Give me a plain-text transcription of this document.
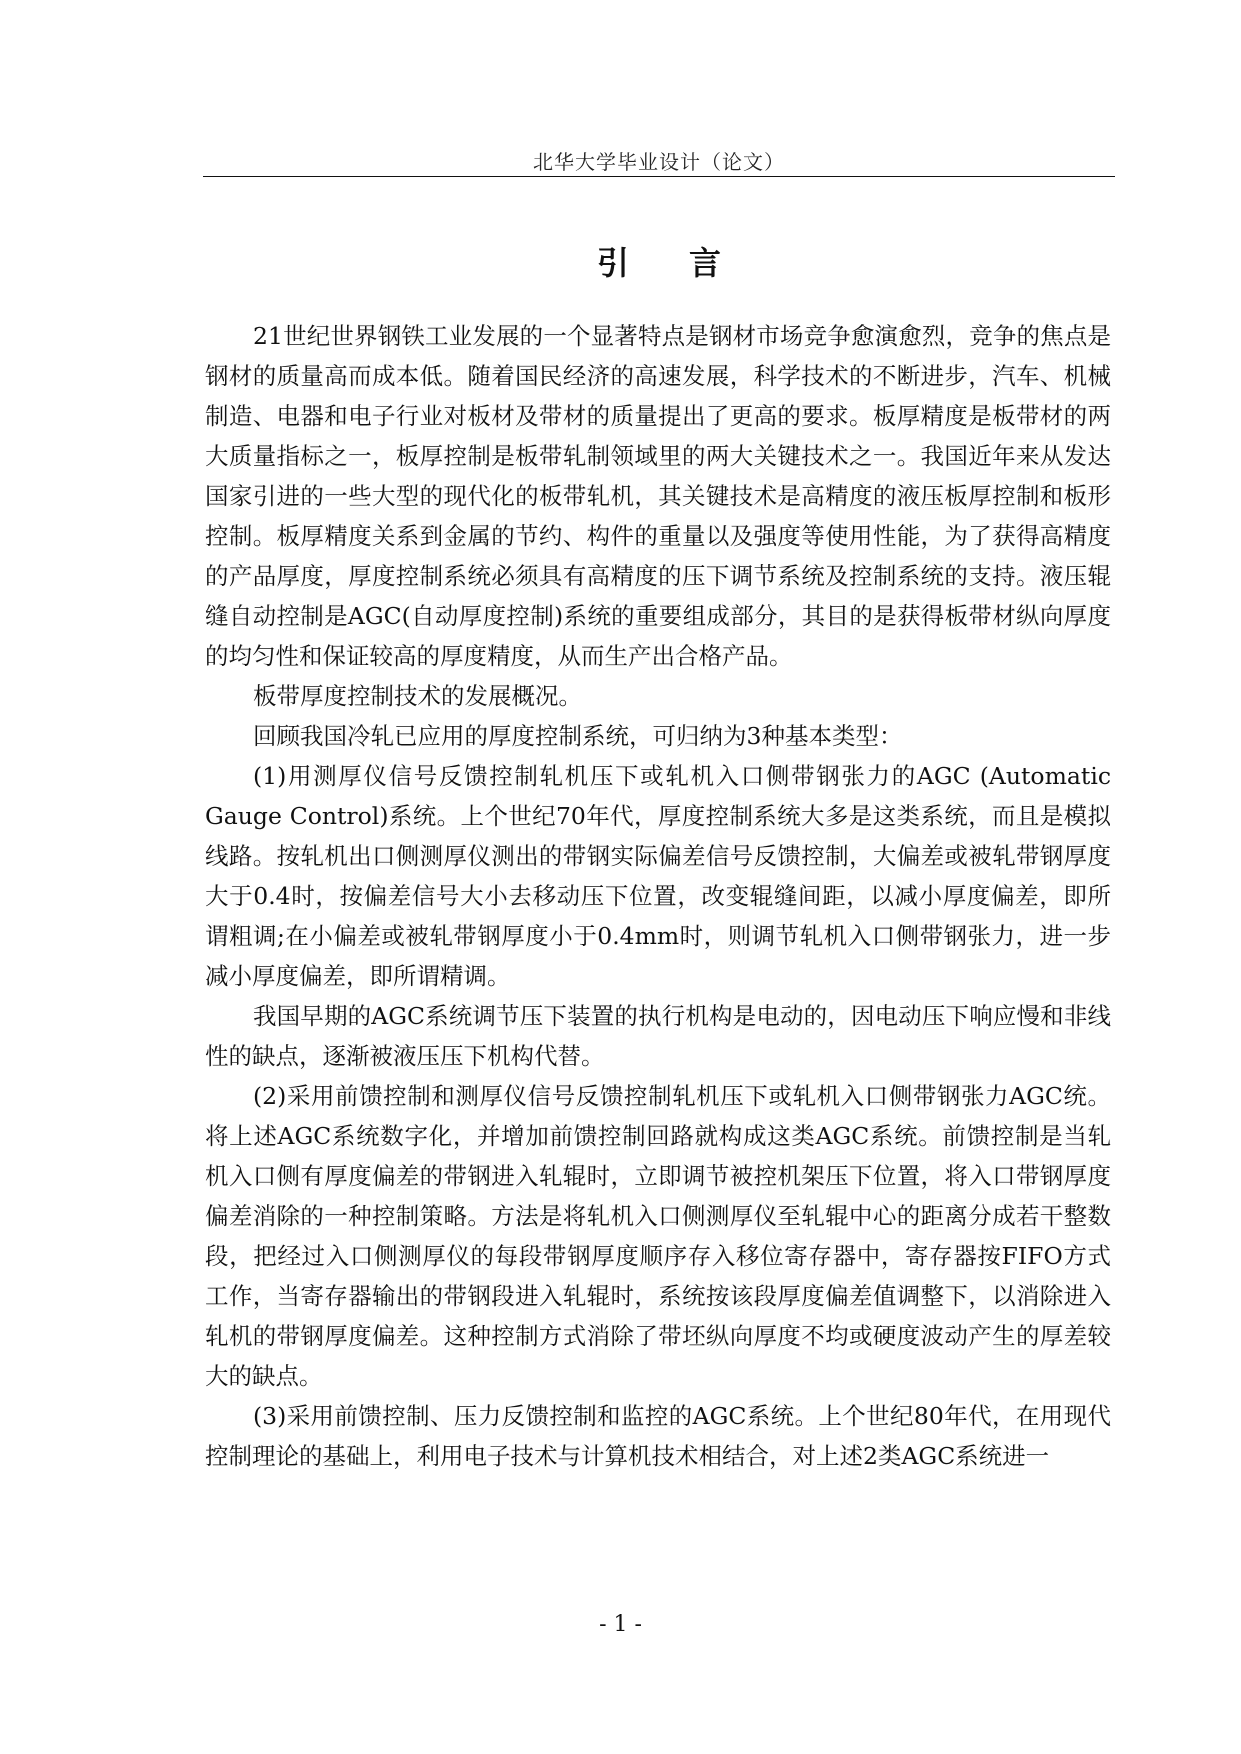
北华大学毕业设计（论文）
引言

21世纪世界钢铁工业发展的一个显著特点是钢材市场竞争愈演愈烈，竞争的焦点是钢材的质量高而成本低。随着国民经济的高速发展，科学技术的不断进步，汽车、机械制造、电器和电子行业对板材及带材的质量提出了更高的要求。板厚精度是板带材的两大质量指标之一，板厚控制是板带轧制领域里的两大关键技术之一。我国近年来从发达国家引进的一些大型的现代化的板带轧机，其关键技术是高精度的液压板厚控制和板形控制。板厚精度关系到金属的节约、构件的重量以及强度等使用性能，为了获得高精度的产品厚度，厚度控制系统必须具有高精度的压下调节系统及控制系统的支持。液压辊缝自动控制是AGC(自动厚度控制)系统的重要组成部分，其目的是获得板带材纵向厚度的均匀性和保证较高的厚度精度，从而生产出合格产品。

板带厚度控制技术的发展概况。

回顾我国冷轧已应用的厚度控制系统，可归纳为3种基本类型：

(1)用测厚仪信号反馈控制轧机压下或轧机入口侧带钢张力的AGC (Automatic Gauge Control)系统。上个世纪70年代，厚度控制系统大多是这类系统，而且是模拟线路。按轧机出口侧测厚仪测出的带钢实际偏差信号反馈控制，大偏差或被轧带钢厚度大于0.4时，按偏差信号大小去移动压下位置，改变辊缝间距，以减小厚度偏差，即所谓粗调;在小偏差或被轧带钢厚度小于0.4mm时，则调节轧机入口侧带钢张力，进一步减小厚度偏差，即所谓精调。

我国早期的AGC系统调节压下装置的执行机构是电动的，因电动压下响应慢和非线性的缺点，逐渐被液压压下机构代替。

(2)采用前馈控制和测厚仪信号反馈控制轧机压下或轧机入口侧带钢张力AGC统。将上述AGC系统数字化，并增加前馈控制回路就构成这类AGC系统。前馈控制是当轧机入口侧有厚度偏差的带钢进入轧辊时，立即调节被控机架压下位置，将入口带钢厚度偏差消除的一种控制策略。方法是将轧机入口侧测厚仪至轧辊中心的距离分成若干整数段，把经过入口侧测厚仪的每段带钢厚度顺序存入移位寄存器中，寄存器按FIFO方式工作，当寄存器输出的带钢段进入轧辊时，系统按该段厚度偏差值调整下，以消除进入轧机的带钢厚度偏差。这种控制方式消除了带坯纵向厚度不均或硬度波动产生的厚差较大的缺点。

(3)采用前馈控制、压力反馈控制和监控的AGC系统。上个世纪80年代，在用现代控制理论的基础上，利用电子技术与计算机技术相结合，对上述2类AGC系统进一

- 1 -
